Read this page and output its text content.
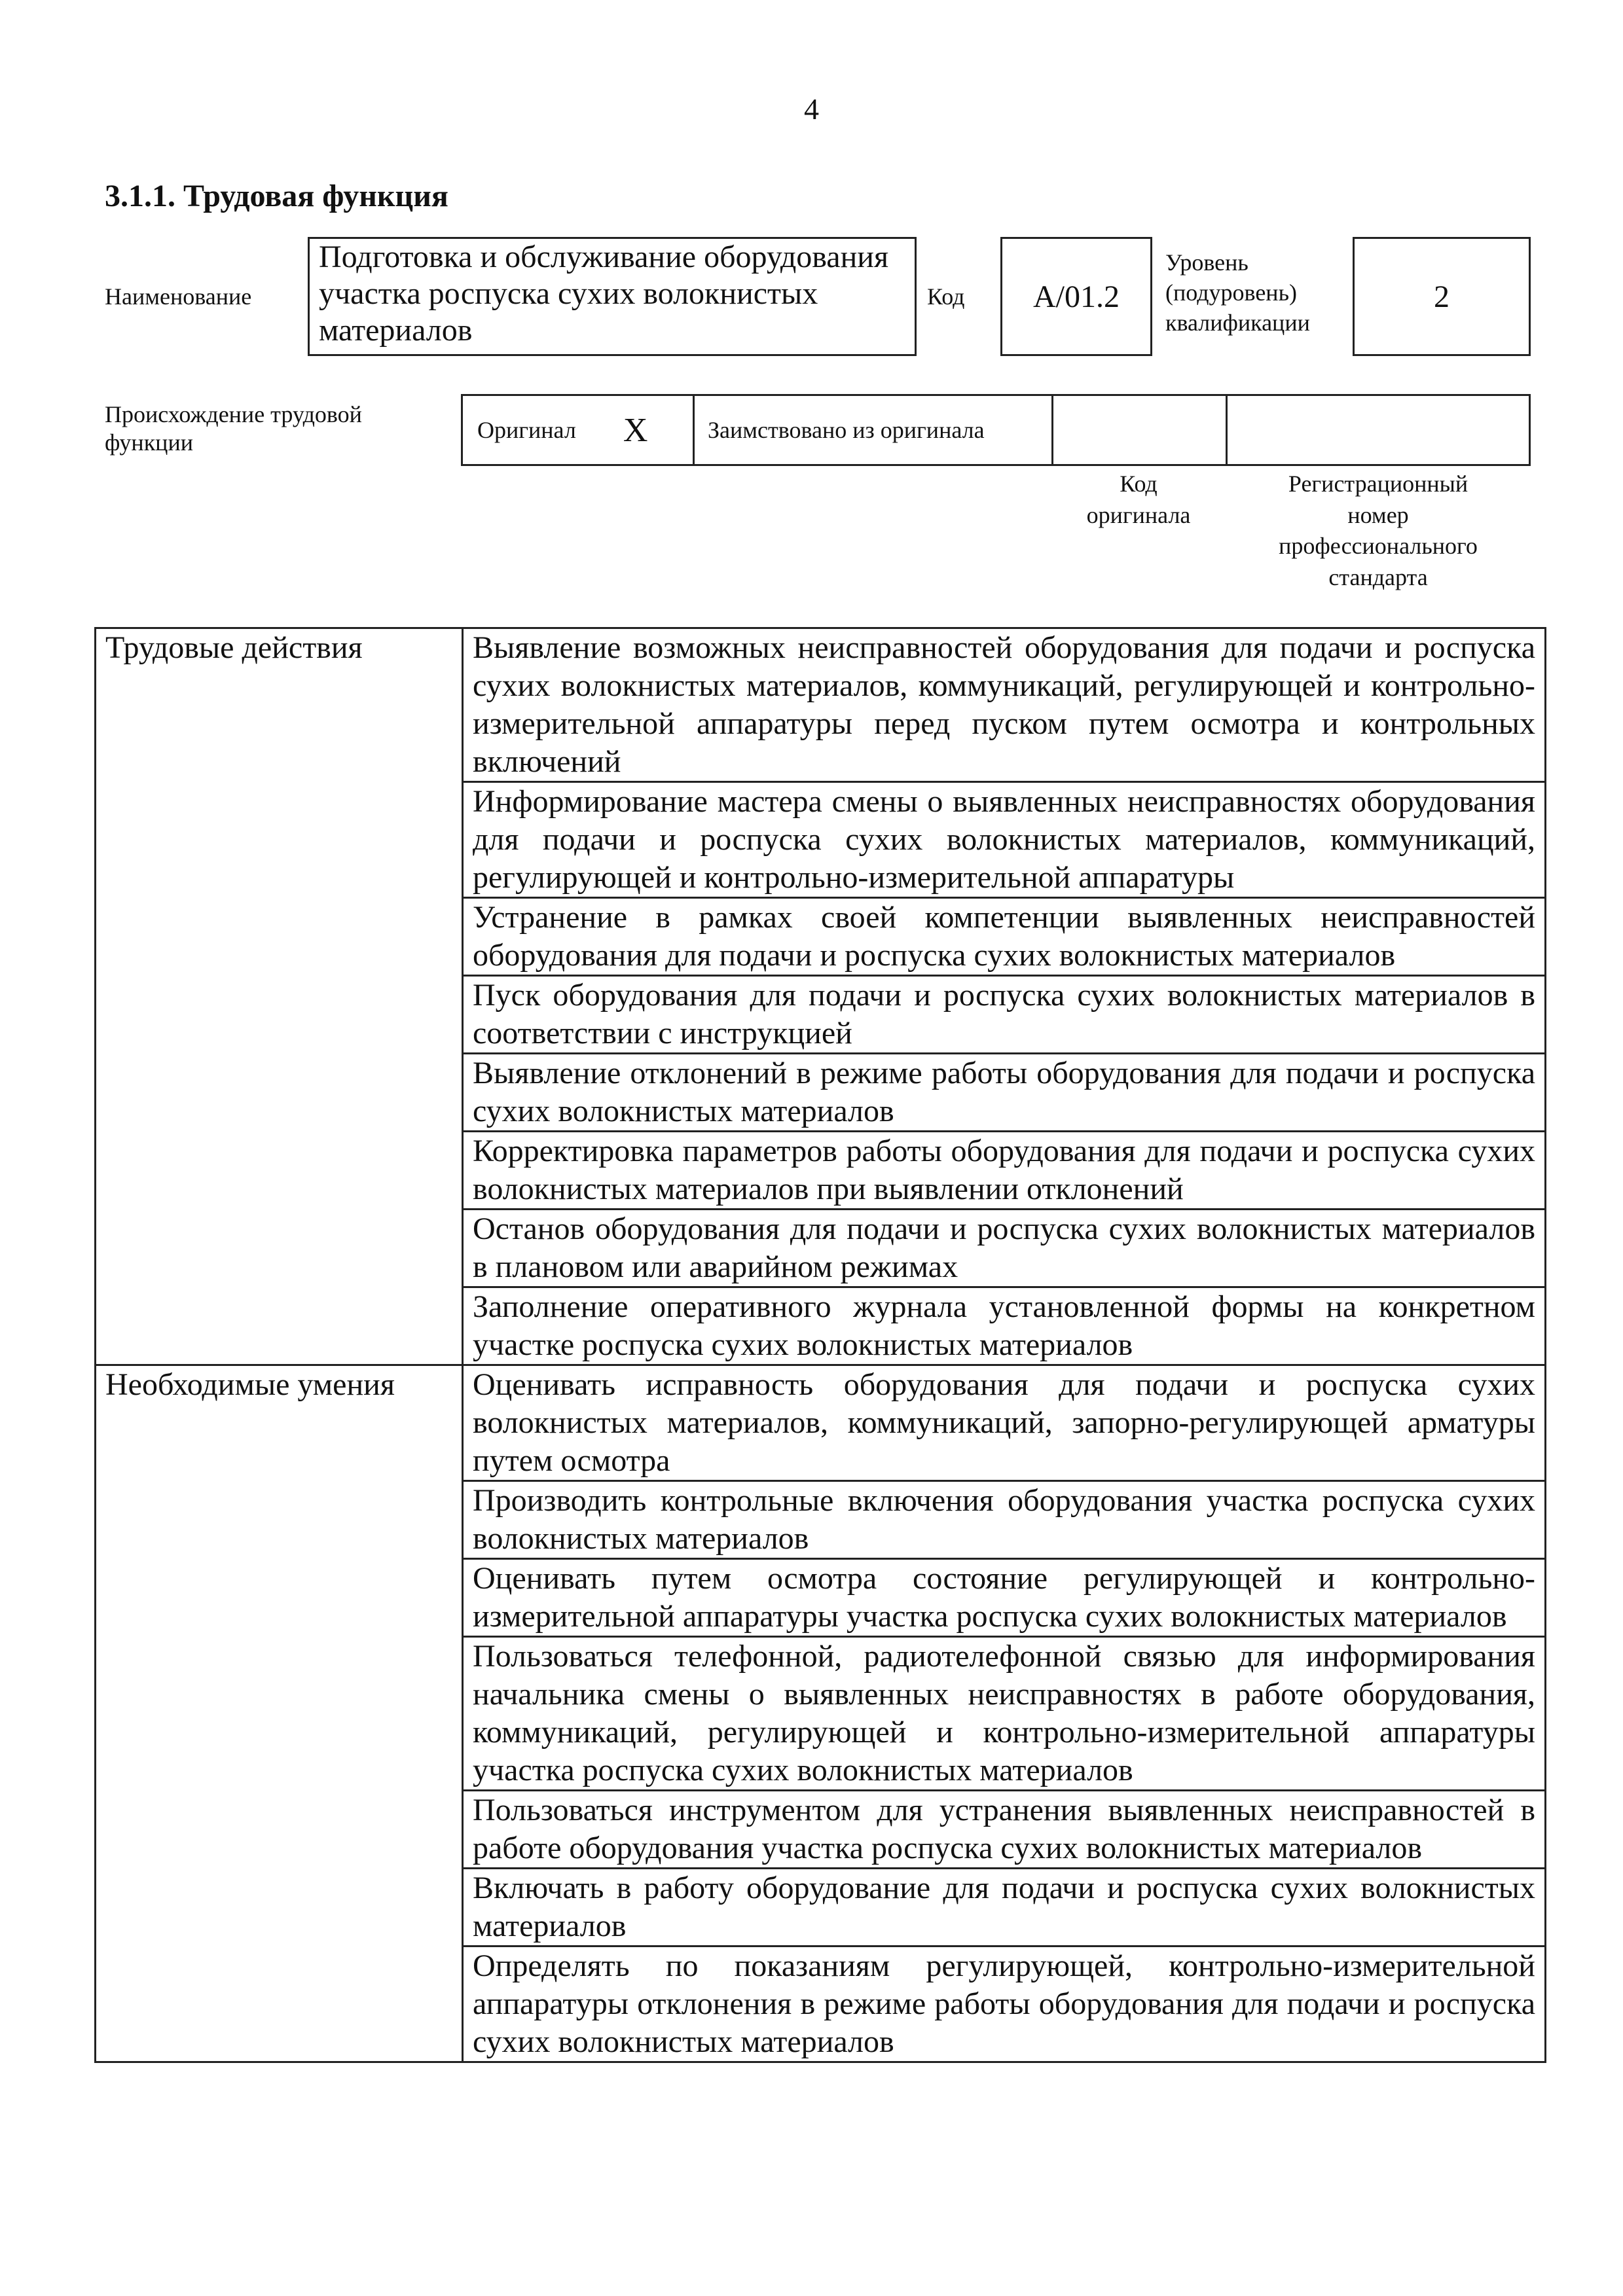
4
3.1.1. Трудовая функция
Наименование
Подготовка и обслуживание оборудования участка роспуска сухих волокнистых материалов
Код	A/01.2
Уровень
(подуровень)
квалификации
2
Происхождение трудовой функции	Оригинал X	Заимствовано из оригинала
Код
оригинала
Регистрационный
номер
профессионального
стандарта
Трудовые действия	Выявление возможных неисправностей оборудования для подачи и роспуска сухих волокнистых материалов, коммуникаций, регулирующей и контрольно-измерительной аппаратуры перед пуском путем осмотра и контрольных включений
	Информирование мастера смены о выявленных неисправностях оборудования для подачи и роспуска сухих волокнистых материалов, коммуникаций, регулирующей и контрольно-измерительной аппаратуры
	Устранение в рамках своей компетенции выявленных неисправностей оборудования для подачи и роспуска сухих волокнистых материалов
	Пуск оборудования для подачи и роспуска сухих волокнистых материалов в соответствии с инструкцией
	Выявление отклонений в режиме работы оборудования для подачи и роспуска сухих волокнистых материалов
	Корректировка параметров работы оборудования для подачи и роспуска сухих волокнистых материалов при выявлении отклонений
	Останов оборудования для подачи и роспуска сухих волокнистых материалов в плановом или аварийном режимах
	Заполнение оперативного журнала установленной формы на конкретном участке роспуска сухих волокнистых материалов
Необходимые умения	Оценивать исправность оборудования для подачи и роспуска сухих волокнистых материалов, коммуникаций, запорно-регулирующей арматуры путем осмотра
	Производить контрольные включения оборудования участка роспуска сухих волокнистых материалов
	Оценивать путем осмотра состояние регулирующей и контрольно-измерительной аппаратуры участка роспуска сухих волокнистых материалов
	Пользоваться телефонной, радиотелефонной связью для информирования начальника смены о выявленных неисправностях в работе оборудования, коммуникаций, регулирующей и контрольно-измерительной аппаратуры участка роспуска сухих волокнистых материалов
	Пользоваться инструментом для устранения выявленных неисправностей в работе оборудования участка роспуска сухих волокнистых материалов
	Включать в работу оборудование для подачи и роспуска сухих волокнистых материалов
	Определять по показаниям регулирующей, контрольно-измерительной аппаратуры отклонения в режиме работы оборудования для подачи и роспуска сухих волокнистых материалов
